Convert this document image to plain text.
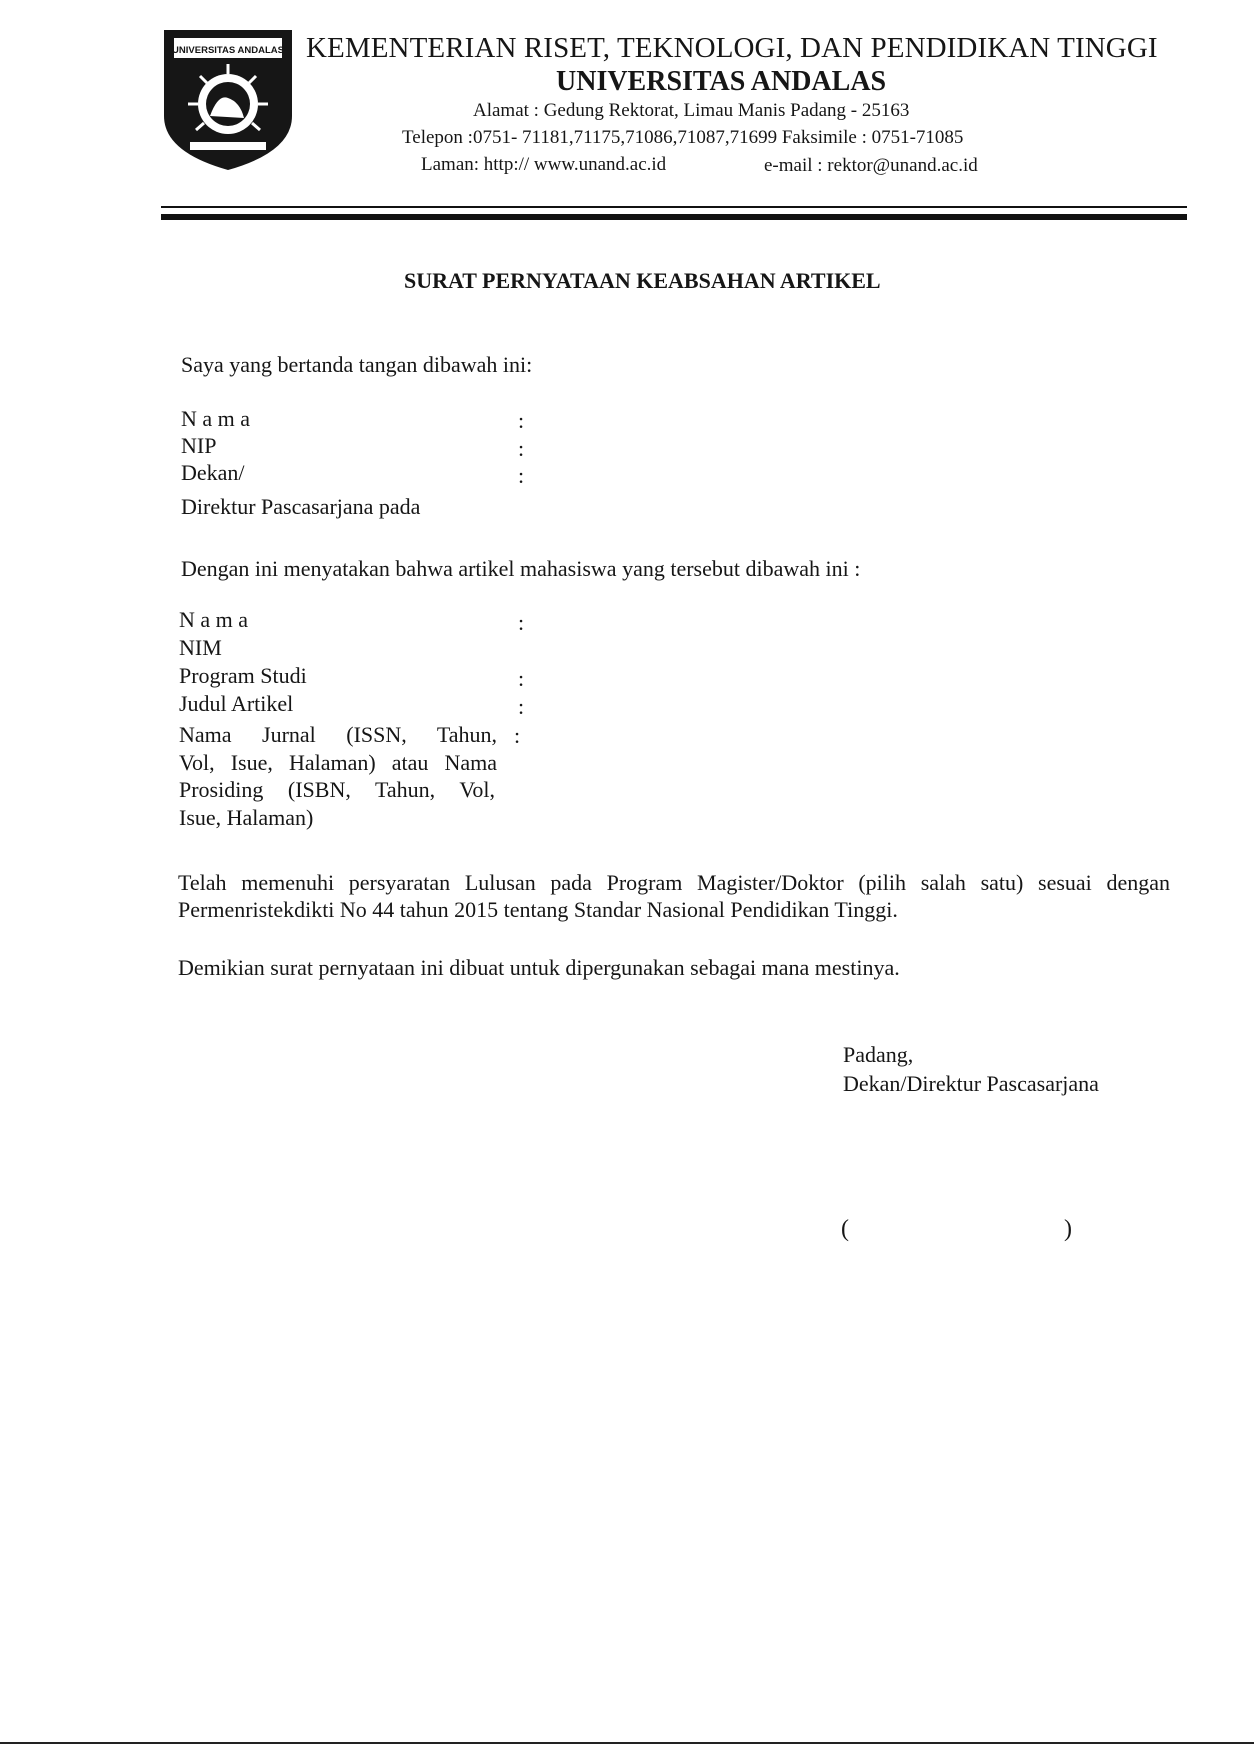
UNIVERSITAS ANDALAS KEMENTERIAN RISET, TEKNOLOGI, DAN PENDIDIKAN TINGGI
UNIVERSITAS ANDALAS
Alamat : Gedung Rektorat, Limau Manis Padang - 25163
Telepon :0751- 71181,71175,71086,71087,71699 Faksimile : 0751-71085
Laman: http:// www.unand.ac.id	e-mail : rektor@unand.ac.id
SURAT PERNYATAAN KEABSAHAN ARTIKEL
Saya yang bertanda tangan dibawah ini:
N a m a	:
NIP	:
Dekan/	:
Direktur Pascasarjana pada
Dengan ini menyatakan bahwa artikel mahasiswa yang tersebut dibawah ini :
N a m a	:
NIM
Program Studi	:
Judul Artikel	:
Nama Jurnal (ISSN, Tahun, :
Vol, Isue, Halaman) atau Nama
Prosiding (ISBN, Tahun, Vol,
Isue, Halaman)
Telah memenuhi persyaratan Lulusan pada Program Magister/Doktor (pilih salah satu) sesuai dengan Permenristekdikti No 44 tahun 2015 tentang Standar Nasional Pendidikan Tinggi.
Demikian surat pernyataan ini dibuat untuk dipergunakan sebagai mana mestinya.
Padang,
Dekan/Direktur Pascasarjana
(	)
